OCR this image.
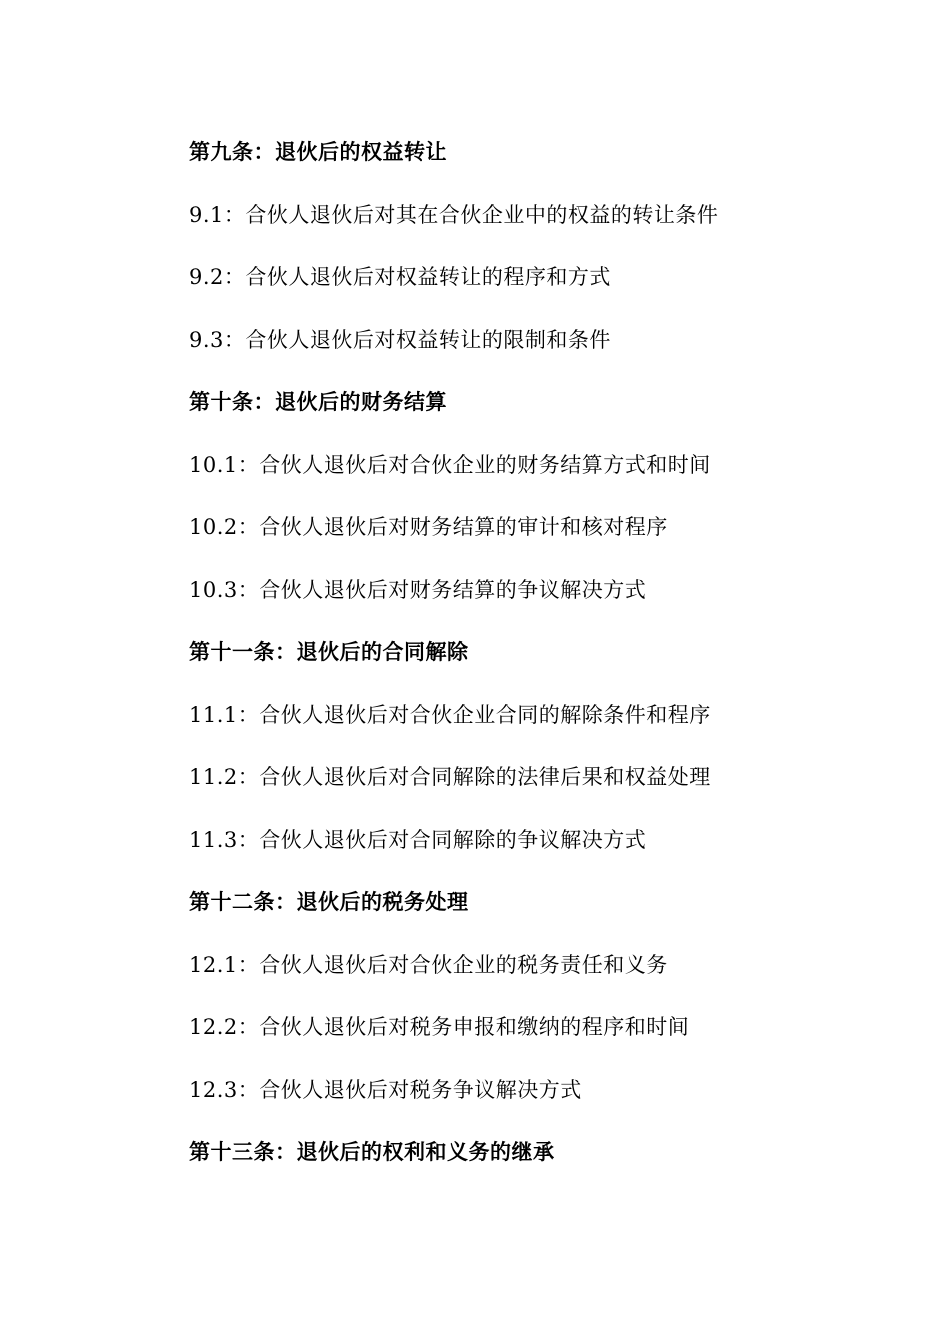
第九条：退伙后的权益转让
9.1：合伙人退伙后对其在合伙企业中的权益的转让条件
9.2：合伙人退伙后对权益转让的程序和方式
9.3：合伙人退伙后对权益转让的限制和条件
第十条：退伙后的财务结算
10.1：合伙人退伙后对合伙企业的财务结算方式和时间
10.2：合伙人退伙后对财务结算的审计和核对程序
10.3：合伙人退伙后对财务结算的争议解决方式
第十一条：退伙后的合同解除
11.1：合伙人退伙后对合伙企业合同的解除条件和程序
11.2：合伙人退伙后对合同解除的法律后果和权益处理
11.3：合伙人退伙后对合同解除的争议解决方式
第十二条：退伙后的税务处理
12.1：合伙人退伙后对合伙企业的税务责任和义务
12.2：合伙人退伙后对税务申报和缴纳的程序和时间
12.3：合伙人退伙后对税务争议解决方式
第十三条：退伙后的权利和义务的继承
